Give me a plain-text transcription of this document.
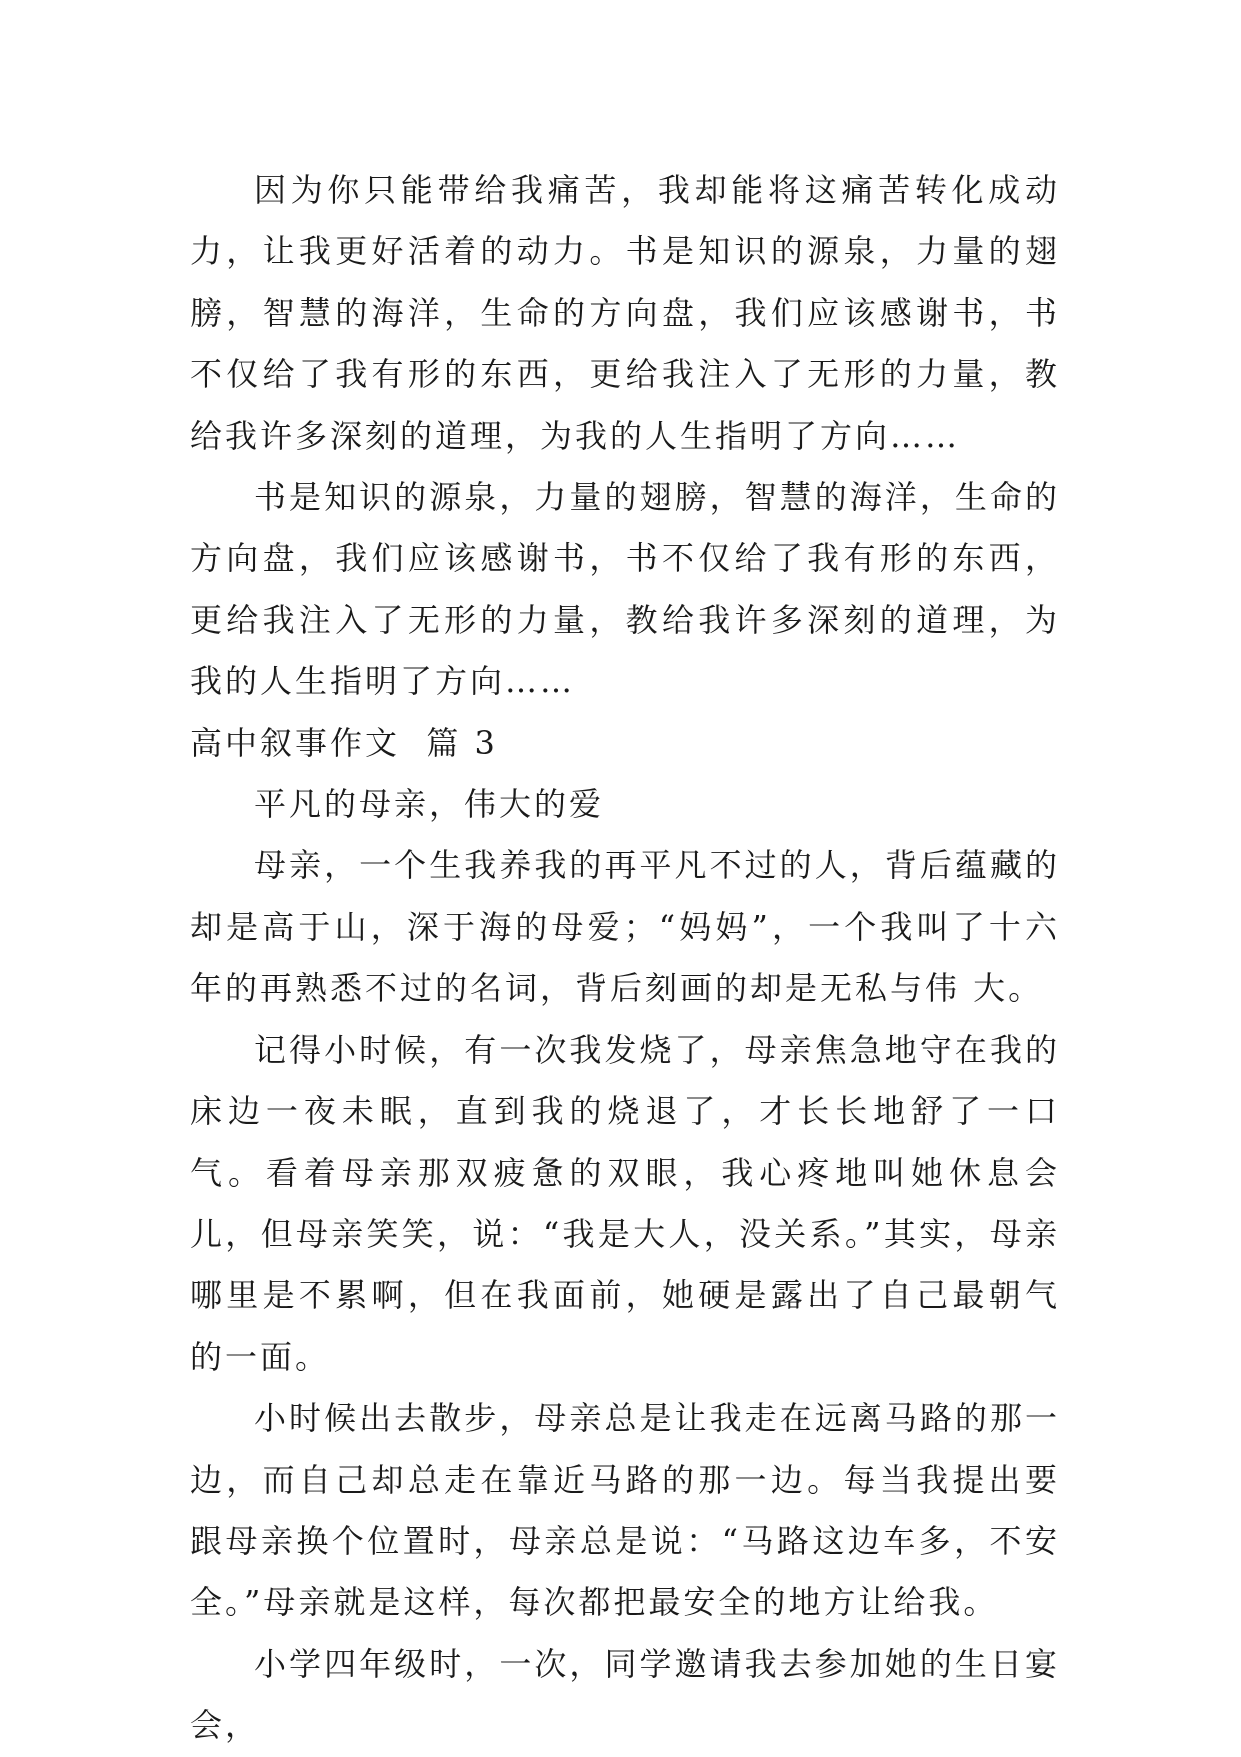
因为你只能带给我痛苦，我却能将这痛苦转化成动力，让我更好活着的动力。书是知识的源泉，力量的翅膀，智慧的海洋，生命的方向盘，我们应该感谢书，书不仅给了我有形的东西，更给我注入了无形的力量，教给我许多深刻的道理，为我的人生指明了方向……

书是知识的源泉，力量的翅膀，智慧的海洋，生命的方向盘，我们应该感谢书，书不仅给了我有形的东西，更给我注入了无形的力量，教给我许多深刻的道理，为我的人生指明了方向……

高中叙事作文  篇 3

平凡的母亲，伟大的爱

母亲，一个生我养我的再平凡不过的人，背后蕴藏的却是高于山，深于海的母爱；“妈妈”，一个我叫了十六年的再熟悉不过的名词，背后刻画的却是无私与伟 大。

记得小时候，有一次我发烧了，母亲焦急地守在我的床边一夜未眠，直到我的烧退了，才长长地舒了一口气。看着母亲那双疲惫的双眼，我心疼地叫她休息会儿，但母亲笑笑，说：“我是大人，没关系。”其实，母亲哪里是不累啊，但在我面前，她硬是露出了自己最朝气的一面。

小时候出去散步，母亲总是让我走在远离马路的那一边，而自己却总走在靠近马路的那一边。每当我提出要跟母亲换个位置时，母亲总是说：“马路这边车多，不安全。”母亲就是这样，每次都把最安全的地方让给我。

小学四年级时，一次，同学邀请我去参加她的生日宴会，
